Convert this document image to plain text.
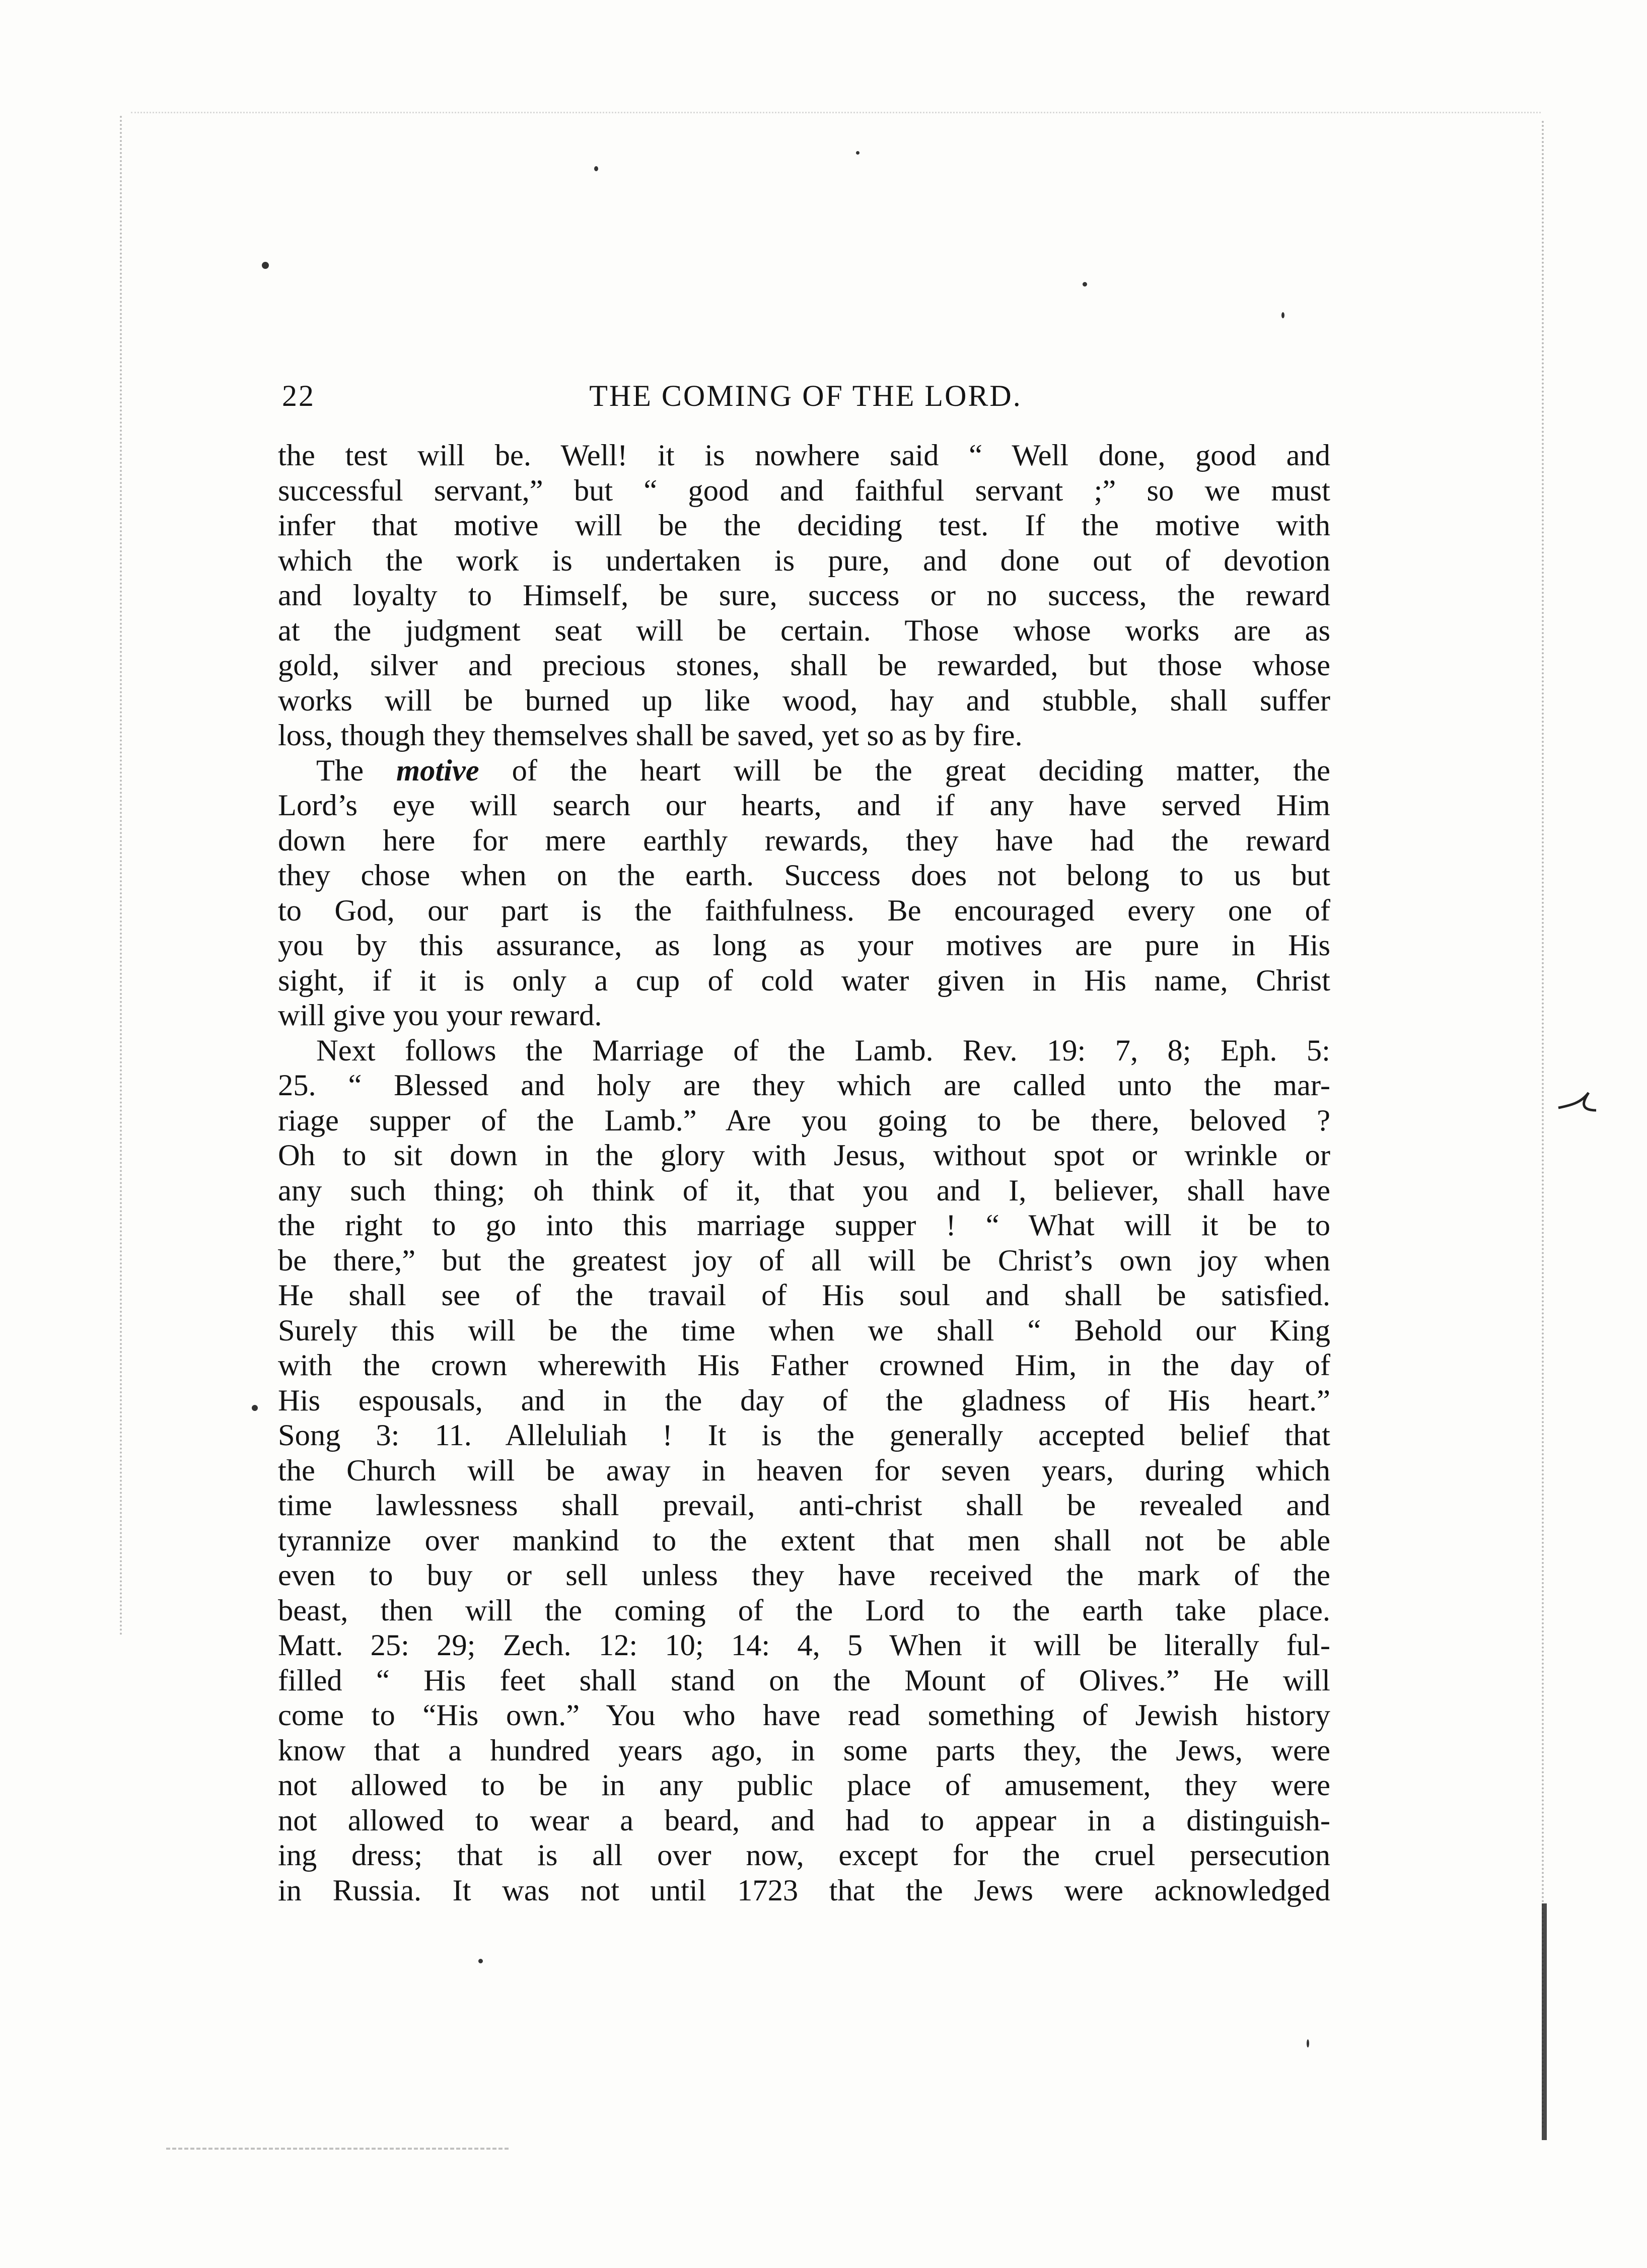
22	THE COMING OF THE LORD.
the test will be. Well! it is nowhere said “ Well done, good and
successful servant,” but “ good and faithful servant ;” so we must
infer that motive will be the deciding test. If the motive with
which the work is undertaken is pure, and done out of devotion
and loyalty to Himself, be sure, success or no success, the reward
at the judgment seat will be certain. Those whose works are as
gold, silver and precious stones, shall be rewarded, but those whose
works will be burned up like wood, hay and stubble, shall suffer
loss, though they themselves shall be saved, yet so as by fire.
The motive of the heart will be the great deciding matter, the
Lord’s eye will search our hearts, and if any have served Him
down here for mere earthly rewards, they have had the reward
they chose when on the earth. Success does not belong to us but
to God, our part is the faithfulness. Be encouraged every one of
you by this assurance, as long as your motives are pure in His
sight, if it is only a cup of cold water given in His name, Christ
will give you your reward.
Next follows the Marriage of the Lamb. Rev. 19: 7, 8; Eph. 5:
25. “ Blessed and holy are they which are called unto the mar-
riage supper of the Lamb.” Are you going to be there, beloved ?
Oh to sit down in the glory with Jesus, without spot or wrinkle or
any such thing; oh think of it, that you and I, believer, shall have
the right to go into this marriage supper ! “ What will it be to
be there,” but the greatest joy of all will be Christ’s own joy when
He shall see of the travail of His soul and shall be satisfied.
Surely this will be the time when we shall “ Behold our King
with the crown wherewith His Father crowned Him, in the day of
His espousals, and in the day of the gladness of His heart.”
Song 3: 11. Alleluliah ! It is the generally accepted belief that
the Church will be away in heaven for seven years, during which
time lawlessness shall prevail, anti-christ shall be revealed and
tyrannize over mankind to the extent that men shall not be able
even to buy or sell unless they have received the mark of the
beast, then will the coming of the Lord to the earth take place.
Matt. 25: 29; Zech. 12: 10; 14: 4, 5 When it will be literally ful-
filled “ His feet shall stand on the Mount of Olives.” He will
come to “His own.” You who have read something of Jewish history
know that a hundred years ago, in some parts they, the Jews, were
not allowed to be in any public place of amusement, they were
not allowed to wear a beard, and had to appear in a distinguish-
ing dress; that is all over now, except for the cruel persecution
in Russia. It was not until 1723 that the Jews were acknowledged
